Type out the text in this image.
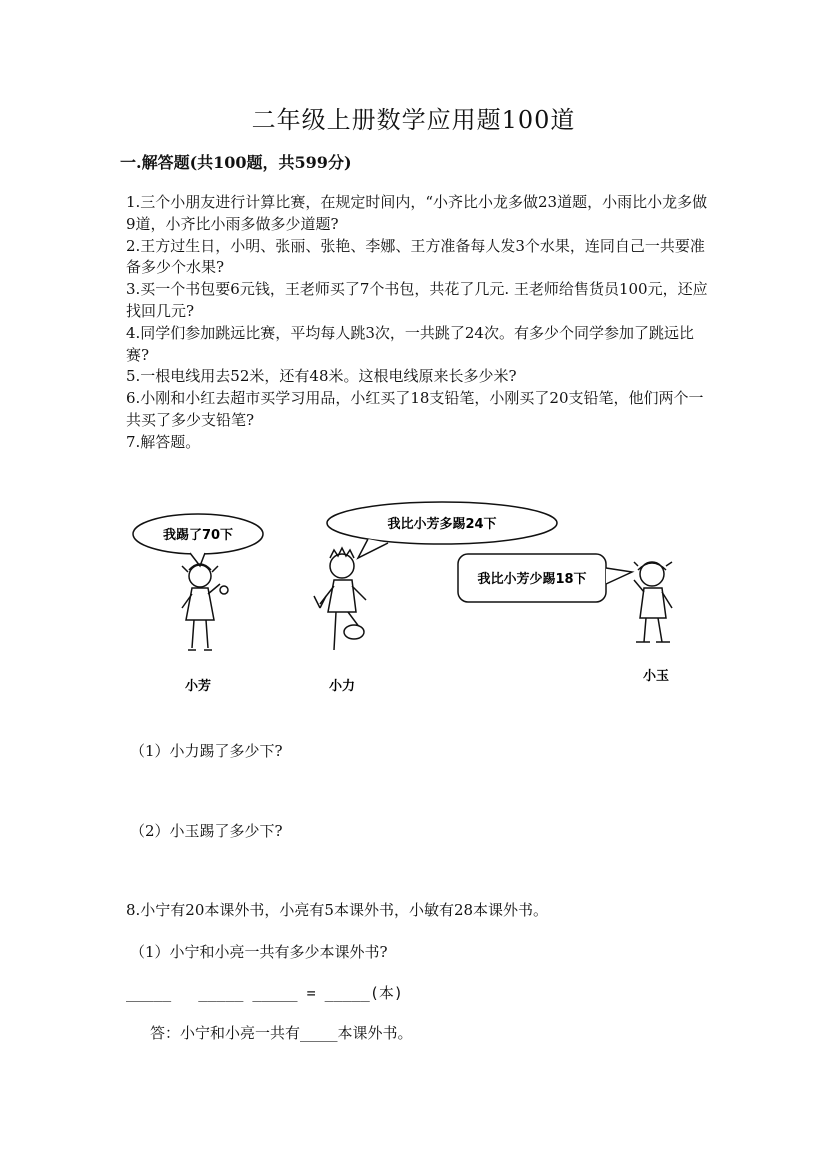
二年级上册数学应用题100道
一.解答题(共100题，共599分)

1.三个小朋友进行计算比赛，在规定时间内，“小齐比小龙多做23道题，小雨比小龙多做9道，小齐比小雨多做多少道题?

2.王方过生日，小明、张丽、张艳、李娜、王方准备每人发3个水果，连同自己一共要准备多少个水果?

3.买一个书包要6元钱，王老师买了7个书包，共花了几元. 王老师给售货员100元，还应找回几元?

4.同学们参加跳远比赛，平均每人跳3次，一共跳了24次。有多少个同学参加了跳远比赛?

5.一根电线用去52米，还有48米。这根电线原来长多少米?

6.小刚和小红去超市买学习用品，小红买了18支铅笔，小刚买了20支铅笔，他们两个一共买了多少支铅笔?

7.解答题。

我踢了70下
我比小芳多踢24下
我比小芳少踢18下
小芳	小力
小玉
（1）小力踢了多少下?
（2）小玉踢了多少下?
8.小宁有20本课外书，小亮有5本课外书，小敏有28本课外书。
（1）小宁和小亮一共有多少本课外书?
_____   _____ _____ = _____(本)
答：小宁和小亮一共有_____本课外书。
